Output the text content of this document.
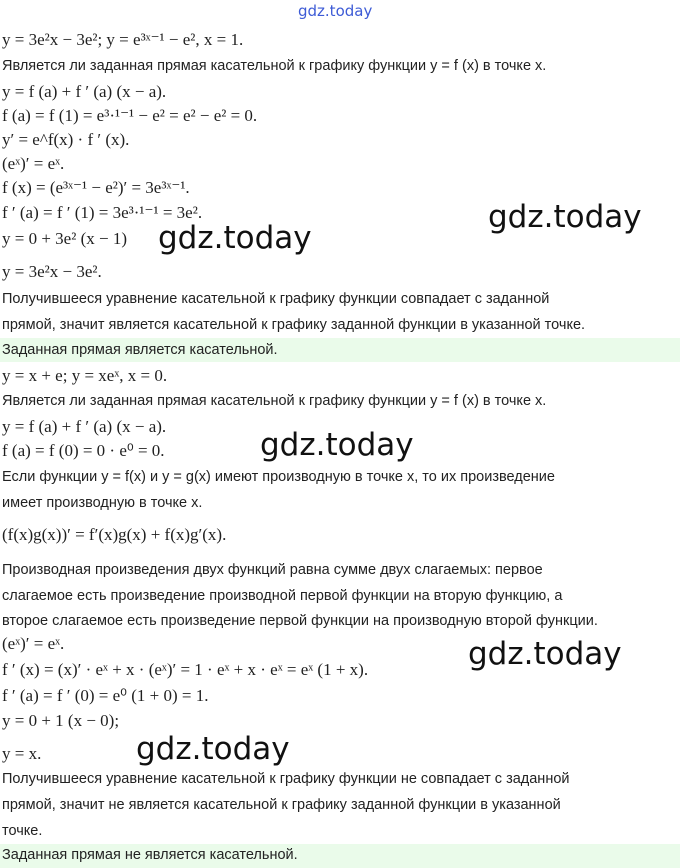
gdz.today
y = 3e²x − 3e²; y = e³ˣ⁻¹ − e², x = 1.
Является ли заданная прямая касательной к графику функции y = f (x) в точке x.
y = f (a) + f ′ (a) (x − a).
f (a) = f (1) = e³·¹⁻¹ − e² = e² − e² = 0.
y′ = e^f(x) · f ′ (x).
(eˣ)′ = eˣ.
f (x) = (e³ˣ⁻¹ − e²)′ = 3e³ˣ⁻¹.
f ′ (a) = f ′ (1) = 3e³·¹⁻¹ = 3e².
y = 0 + 3e² (x − 1)
y = 3e²x − 3e².
Получившееся уравнение касательной к графику функции совпадает с заданной
прямой, значит является касательной к графику заданной функции в указанной точке.
Заданная прямая является касательной.
y = x + e; y = xeˣ, x = 0.
Является ли заданная прямая касательной к графику функции y = f (x) в точке x.
y = f (a) + f ′ (a) (x − a).
f (a) = f (0) = 0 · e⁰ = 0.
Если функции y = f(x) и y = g(x) имеют производную в точке x, то их произведение
имеет производную в точке x.
(f(x)g(x))′ = f′(x)g(x) + f(x)g′(x).
Производная произведения двух функций равна сумме двух слагаемых: первое
слагаемое есть произведение производной первой функции на вторую функцию, а
второе слагаемое есть произведение первой функции на производную второй функции.
(eˣ)′ = eˣ.
f ′ (x) = (x)′ · eˣ + x · (eˣ)′ = 1 · eˣ + x · eˣ = eˣ (1 + x).
f ′ (a) = f ′ (0) = e⁰ (1 + 0) = 1.
y = 0 + 1 (x − 0);
y = x.
Получившееся уравнение касательной к графику функции не совпадает с заданной
прямой, значит не является касательной к графику заданной функции в указанной
точке.
Заданная прямая не является касательной.
gdz.today
gdz.today
gdz.today
gdz.today
gdz.today
